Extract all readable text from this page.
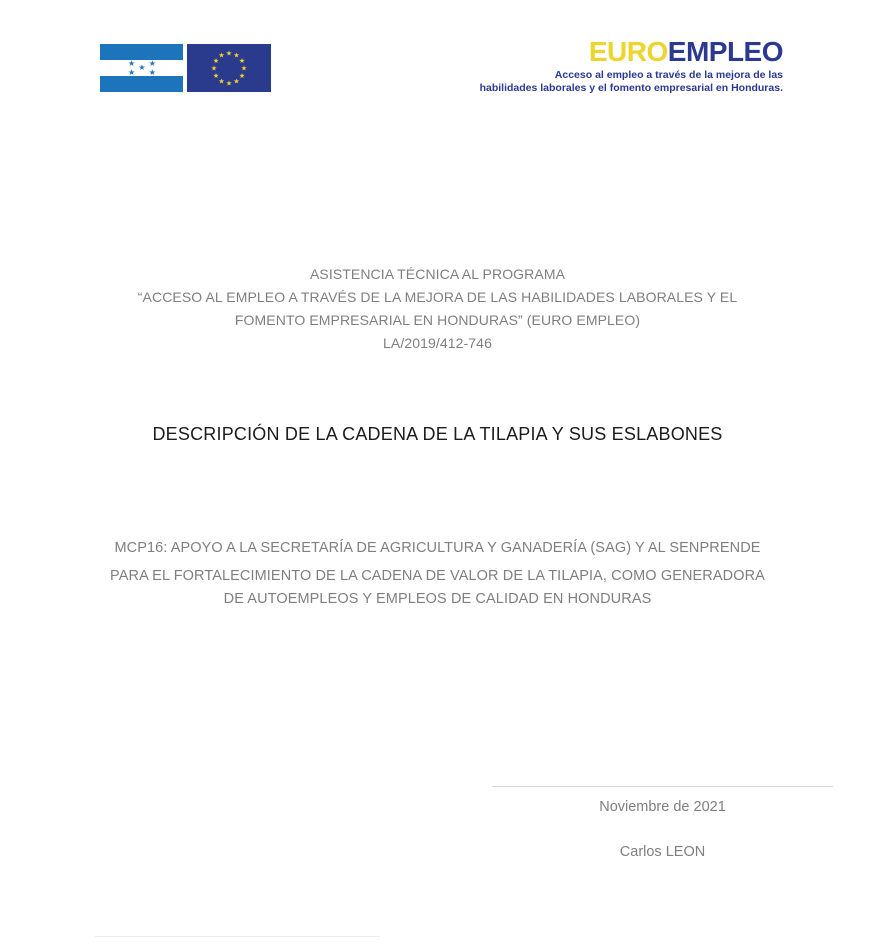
★ ★
★
★
★
★
★
★
★
★
★
★	EUROEMPLEO
Acceso al empleo a través de la mejora de las
habilidades laborales y el fomento empresarial en Honduras.
ASISTENCIA TÉCNICA AL PROGRAMA
“ACCESO AL EMPLEO A TRAVÉS DE LA MEJORA DE LAS HABILIDADES LABORALES Y EL
FOMENTO EMPRESARIAL EN HONDURAS” (EURO EMPLEO)
LA/2019/412-746
DESCRIPCIÓN DE LA CADENA DE LA TILAPIA Y SUS ESLABONES
MCP16: APOYO A LA SECRETARÍA DE AGRICULTURA Y GANADERÍA (SAG) Y AL SENPRENDE
PARA EL FORTALECIMIENTO DE LA CADENA DE VALOR DE LA TILAPIA, COMO GENERADORA
DE AUTOEMPLEOS Y EMPLEOS DE CALIDAD EN HONDURAS

Noviembre de 2021

Carlos LEON
